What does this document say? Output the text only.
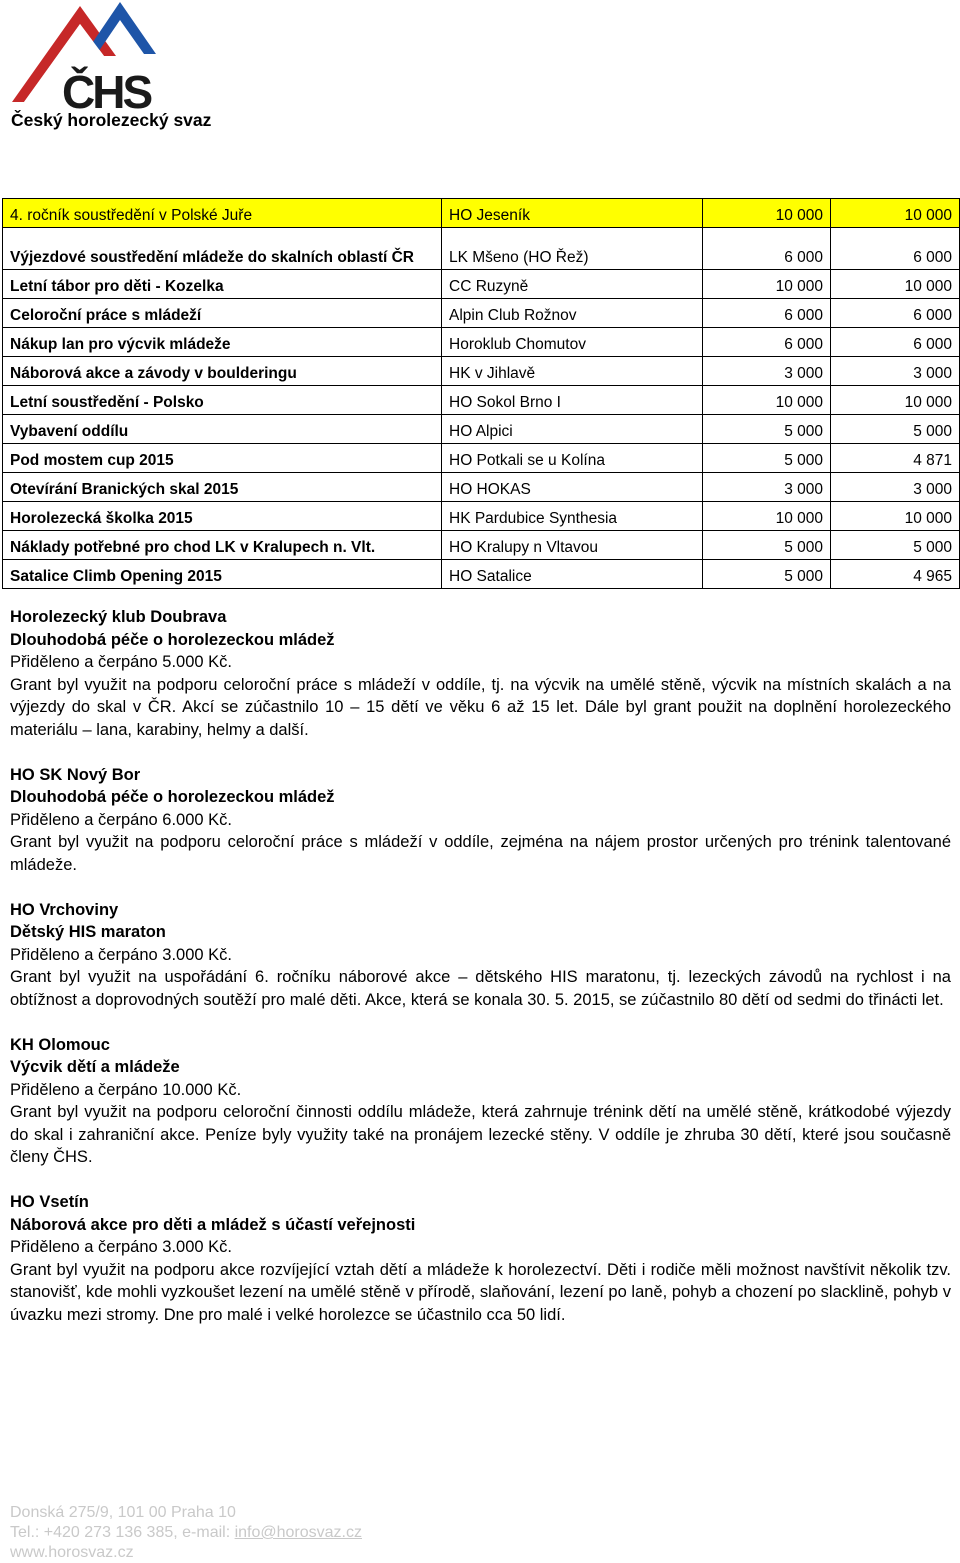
ČHS
Český horolezecký svaz
4. ročník soustředění v Polské Juře	HO Jeseník	10 000	10 000
Výjezdové soustředění mládeže do skalních oblastí ČR	LK Mšeno (HO Řež)	6 000	6 000
Letní tábor pro děti - Kozelka	CC Ruzyně	10 000	10 000
Celoroční práce s mládeží	Alpin Club Rožnov	6 000	6 000
Nákup lan pro výcvik mládeže	Horoklub Chomutov	6 000	6 000
Náborová akce a závody v boulderingu	HK v Jihlavě	3 000	3 000
Letní soustředění - Polsko	HO Sokol Brno I	10 000	10 000
Vybavení oddílu	HO Alpici	5 000	5 000
Pod mostem cup 2015	HO Potkali se u Kolína	5 000	4 871
Otevírání Branických skal 2015	HO HOKAS	3 000	3 000
Horolezecká školka 2015	HK Pardubice Synthesia	10 000	10 000
Náklady potřebné pro chod LK v Kralupech n. Vlt.	HO Kralupy n Vltavou	5 000	5 000
Satalice Climb Opening 2015	HO Satalice	5 000	4 965

Horolezecký klub Doubrava

Dlouhodobá péče o horolezeckou mládež

Přiděleno a čerpáno 5.000 Kč.

Grant byl využit na podporu celoroční práce s mládeží v oddíle, tj. na výcvik na umělé stěně, výcvik na místních skalách a na výjezdy do skal v ČR. Akcí se zúčastnilo 10 – 15 dětí ve věku 6 až 15 let. Dále byl grant použit na doplnění horolezeckého materiálu – lana, karabiny, helmy a další.

HO SK Nový Bor

Dlouhodobá péče o horolezeckou mládež

Přiděleno a čerpáno 6.000 Kč.

Grant byl využit na podporu celoroční práce s mládeží v oddíle, zejména na nájem prostor určených pro trénink talentované mládeže.

HO Vrchoviny

Dětský HIS maraton

Přiděleno a čerpáno 3.000 Kč.

Grant byl využit na uspořádání 6. ročníku náborové akce – dětského HIS maratonu, tj. lezeckých závodů na rychlost i na obtížnost a doprovodných soutěží pro malé děti. Akce, která se konala 30. 5. 2015, se zúčastnilo 80 dětí od sedmi do třinácti let.

KH Olomouc

Výcvik dětí a mládeže

Přiděleno a čerpáno 10.000 Kč.

Grant byl využit na podporu celoroční činnosti oddílu mládeže, která zahrnuje trénink dětí na umělé stěně, krátkodobé výjezdy do skal i zahraniční akce. Peníze byly využity také na pronájem lezecké stěny. V oddíle je zhruba 30 dětí, které jsou současně členy ČHS.

HO Vsetín

Náborová akce pro děti a mládež s účastí veřejnosti

Přiděleno a čerpáno 3.000 Kč.

Grant byl využit na podporu akce rozvíjející vztah dětí a mládeže k horolezectví. Děti i rodiče měli možnost navštívit několik tzv. stanovišť, kde mohli vyzkoušet lezení na umělé stěně v přírodě, slaňování, lezení po laně, pohyb a chození po slacklině, pohyb v úvazku mezi stromy. Dne pro malé i velké horolezce se účastnilo cca 50 lidí.

Donská 275/9, 101 00 Praha 10
Tel.: +420 273 136 385, e-mail: info@horosvaz.cz
www.horosvaz.cz
